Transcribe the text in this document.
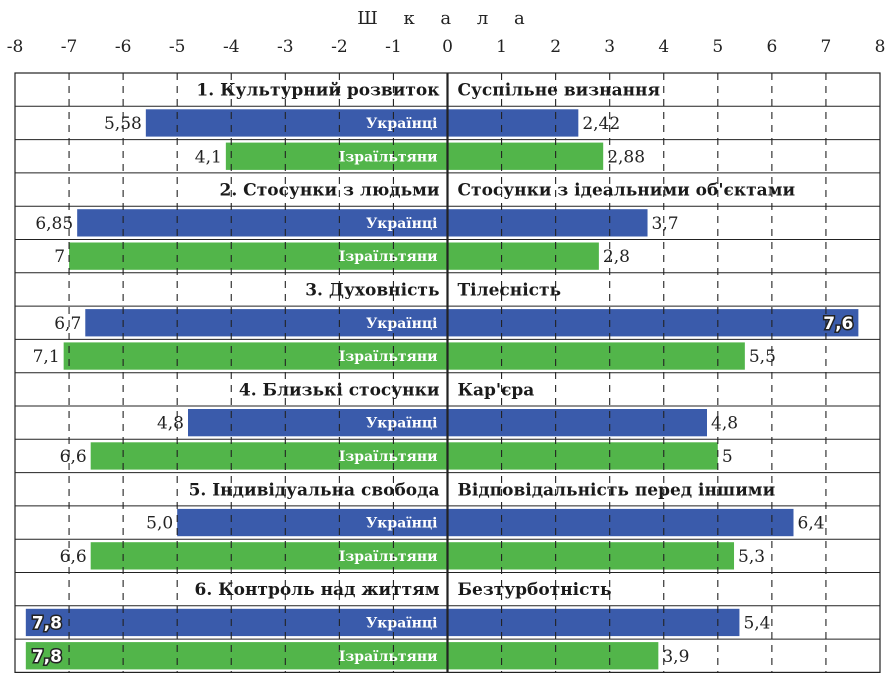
Ш к а л а
-8 -7 -6 -5 -4 -3 -2 -1 0	1	2	3	4	5	6	7	8
1. Культурний розвиток Суспільне визнання
Українці
5,58	2,42
Ізраїльтяни
4,1	2,88
2. Стосунки з людьми Стосунки з ідеальними об'єктами
Українці
6,85	3,7
Ізраїльтяни
7	2,8
3. Духовність Тілесність
Українці
6,7	7,6
Ізраїльтяни
7,1	5,5
4. Близькі стосунки Кар'єра
Українці
4,8	4,8
Ізраїльтяни
6,6	5
5. Індивідуальна свобода Відповідальність перед іншими
Українці
5,0	6,4
Ізраїльтяни
6,6	5,3
6. Контроль над життям Безтурботність
Українці
7,8	5,4
Ізраїльтяни
7,8	3,9
